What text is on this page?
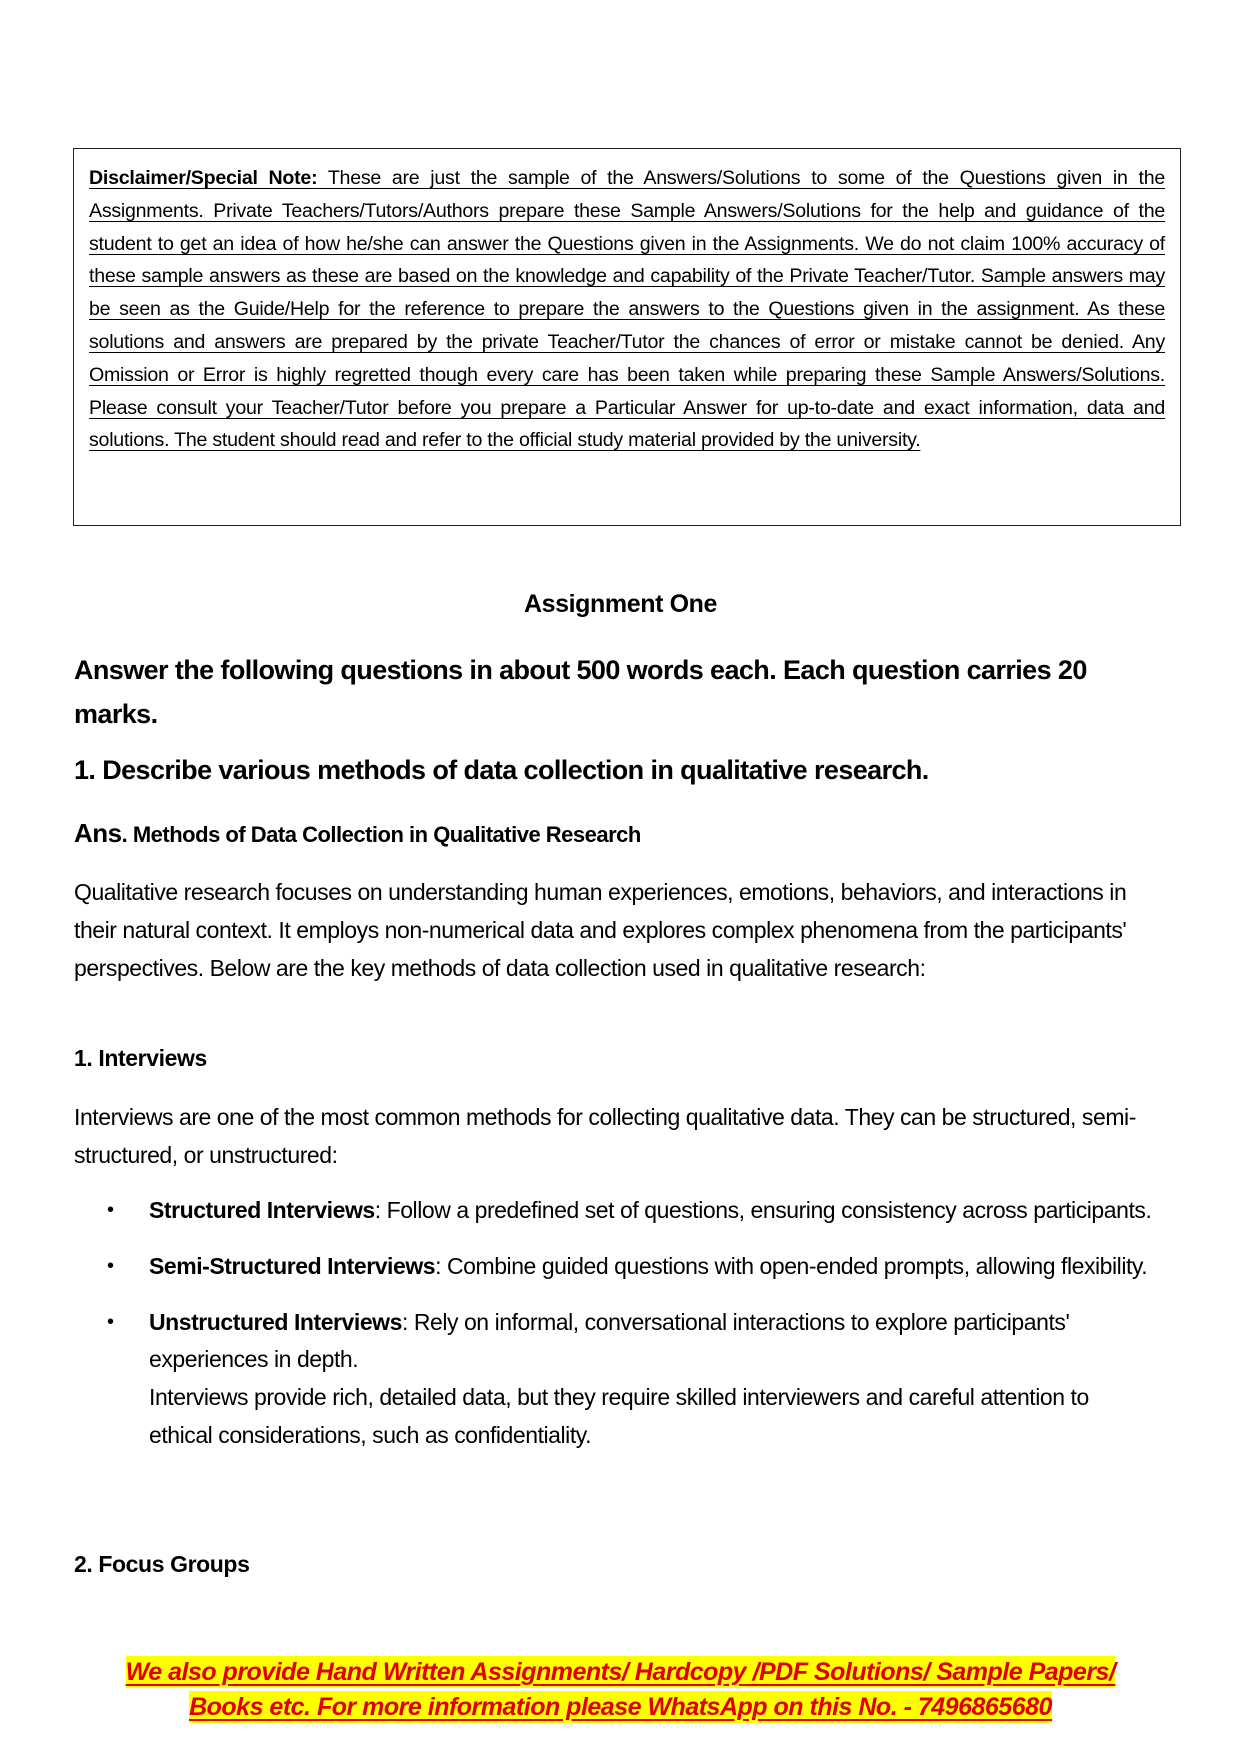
Disclaimer/Special Note: These are just the sample of the Answers/Solutions to some of the Questions given in the Assignments. Private Teachers/Tutors/Authors prepare these Sample Answers/Solutions for the help and guidance of the student to get an idea of how he/she can answer the Questions given in the Assignments. We do not claim 100% accuracy of these sample answers as these are based on the knowledge and capability of the Private Teacher/Tutor. Sample answers may be seen as the Guide/Help for the reference to prepare the answers to the Questions given in the assignment. As these solutions and answers are prepared by the private Teacher/Tutor the chances of error or mistake cannot be denied. Any Omission or Error is highly regretted though every care has been taken while preparing these Sample Answers/Solutions. Please consult your Teacher/Tutor before you prepare a Particular Answer for up-to-date and exact information, data and solutions. The student should read and refer to the official study material provided by the university.
Assignment One
Answer the following questions in about 500 words each. Each question carries 20 marks.
1. Describe various methods of data collection in qualitative research.
Ans. Methods of Data Collection in Qualitative Research
Qualitative research focuses on understanding human experiences, emotions, behaviors, and interactions in their natural context. It employs non-numerical data and explores complex phenomena from the participants' perspectives. Below are the key methods of data collection used in qualitative research:
1. Interviews
Interviews are one of the most common methods for collecting qualitative data. They can be structured, semi-structured, or unstructured:
• Structured Interviews: Follow a predefined set of questions, ensuring consistency across participants.
• Semi-Structured Interviews: Combine guided questions with open-ended prompts, allowing flexibility.
• Unstructured Interviews: Rely on informal, conversational interactions to explore participants' experiences in depth.
Interviews provide rich, detailed data, but they require skilled interviewers and careful attention to ethical considerations, such as confidentiality.
2. Focus Groups
We also provide Hand Written Assignments/ Hardcopy /PDF Solutions/ Sample Papers/
Books etc. For more information please WhatsApp on this No. - 7496865680
